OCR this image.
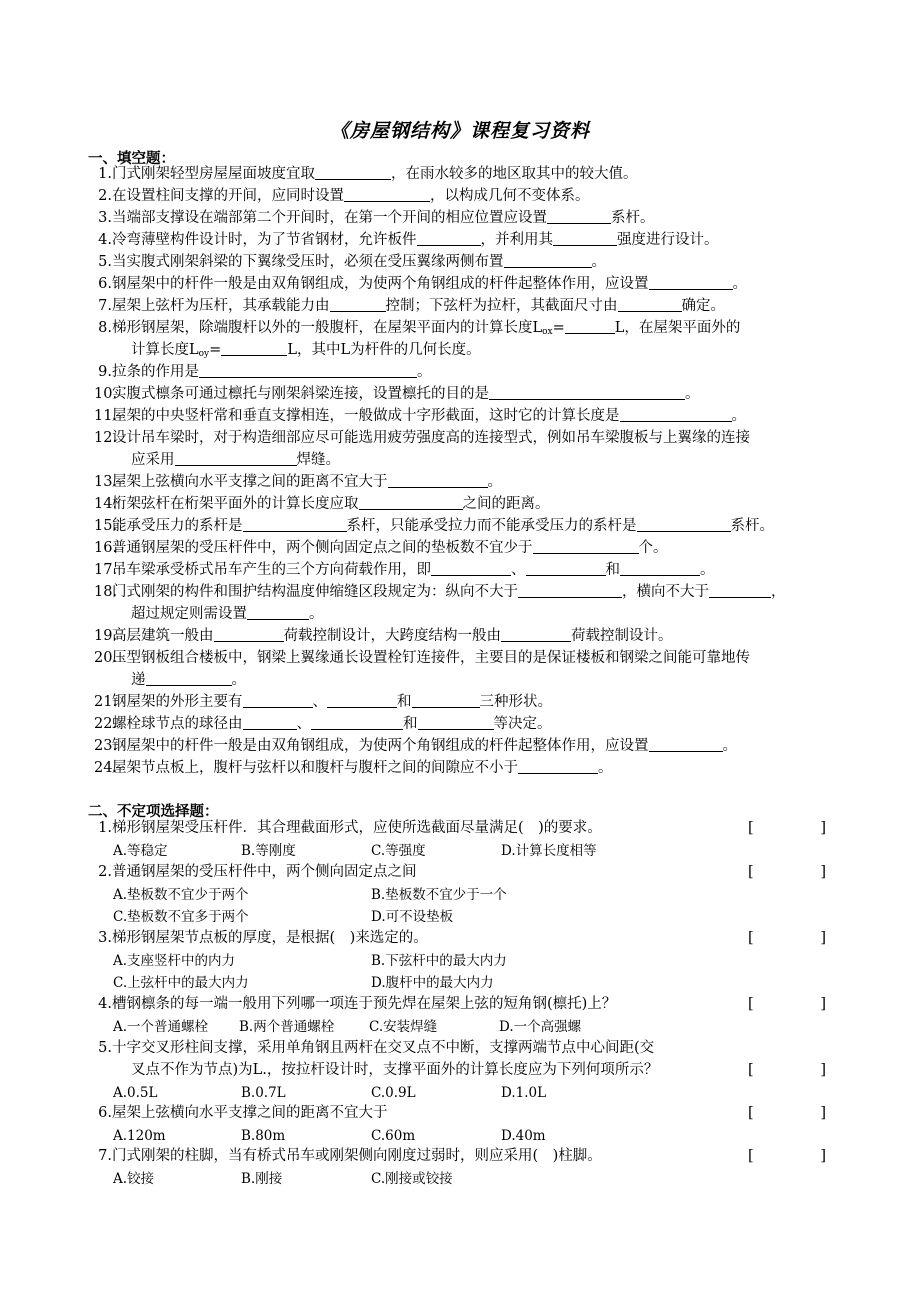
《房屋钢结构》课程复习资料
一、填空题：
1.门式刚架轻型房屋屋面坡度宜取	，在雨水较多的地区取其中的较大值。
2.在设置柱间支撑的开间，应同时设置	，以构成几何不变体系。
3.当端部支撑设在端部第二个开间时，在第一个开间的相应位置应设置	系杆。
4.冷弯薄壁构件设计时，为了节省钢材，允许板件	，并利用其	强度进行设计。
5.当实腹式刚架斜梁的下翼缘受压时，必须在受压翼缘两侧布置	。
6.钢屋架中的杆件一般是由双角钢组成，为使两个角钢组成的杆件起整体作用，应设置	。
7.屋架上弦杆为压杆，其承载能力由	控制；下弦杆为拉杆，其截面尺寸由	确定。
8.梯形钢屋架，除端腹杆以外的一般腹杆，在屋架平面内的计算长度$L_{ox}=$	L，在屋架平面外的
计算长度$L_{oy}=$	L，其中L为杆件的几何长度。
9.拉条的作用是	。
10.实腹式檩条可通过檩托与刚架斜梁连接，设置檩托的目的是	。
11.屋架的中央竖杆常和垂直支撑相连，一般做成十字形截面，这时它的计算长度是	。
12.设计吊车梁时，对于构造细部应尽可能选用疲劳强度高的连接型式，例如吊车梁腹板与上翼缘的连接
应采用	焊缝。
13.屋架上弦横向水平支撑之间的距离不宜大于	。
14.桁架弦杆在桁架平面外的计算长度应取	之间的距离。
15.能承受压力的系杆是	系杆，只能承受拉力而不能承受压力的系杆是	系杆。
16.普通钢屋架的受压杆件中，两个侧向固定点之间的垫板数不宜少于	个。
17.吊车梁承受桥式吊车产生的三个方向荷载作用，即	、	和	。
18.门式刚架的构件和围护结构温度伸缩缝区段规定为：纵向不大于	，横向不大于	，
超过规定则需设置	。
19.高层建筑一般由	荷载控制设计，大跨度结构一般由	荷载控制设计。
20.压型钢板组合楼板中，钢梁上翼缘通长设置栓钉连接件，主要目的是保证楼板和钢梁之间能可靠地传
递	。
21.钢屋架的外形主要有	、	和	三种形状。
22.螺栓球节点的球径由	、	和	等决定。
23.钢屋架中的杆件一般是由双角钢组成，为使两个角钢组成的杆件起整体作用，应设置	。
24.屋架节点板上，腹杆与弦杆以和腹杆与腹杆之间的间隙应不小于	。
二、不定项选择题：
1.梯形钢屋架受压杆件．其合理截面形式，应使所选截面尽量满足(　)的要求。	[	]
A.等稳定	B.等刚度	C.等强度	D.计算长度相等
2.普通钢屋架的受压杆件中，两个侧向固定点之间	[	]
A.垫板数不宜少于两个	B.垫板数不宜少于一个
C.垫板数不宜多于两个	D.可不设垫板
3.梯形钢屋架节点板的厚度，是根据(　)来选定的。	[	]
A.支座竖杆中的内力	B.下弦杆中的最大内力
C.上弦杆中的最大内力	D.腹杆中的最大内力
4.槽钢檩条的每一端一般用下列哪一项连于预先焊在屋架上弦的短角钢(檩托)上？	[	]
A.一个普通螺栓 B.两个普通螺栓	C.安装焊缝	D.一个高强螺
5.十字交叉形柱间支撑，采用单角钢且两杆在交叉点不中断，支撑两端节点中心间距(交
叉点不作为节点)为L.，按拉杆设计时，支撑平面外的计算长度应为下列何项所示？	[	]
A.0.5L	B.0.7L	C.0.9L	D.1.0L
6.屋架上弦横向水平支撑之间的距离不宜大于	[	]
A.120m	B.80m	C.60m	D.40m
7.门式刚架的柱脚，当有桥式吊车或刚架侧向刚度过弱时，则应采用(　)柱脚。	[	]
A.铰接	B.刚接	C.刚接或铰接
